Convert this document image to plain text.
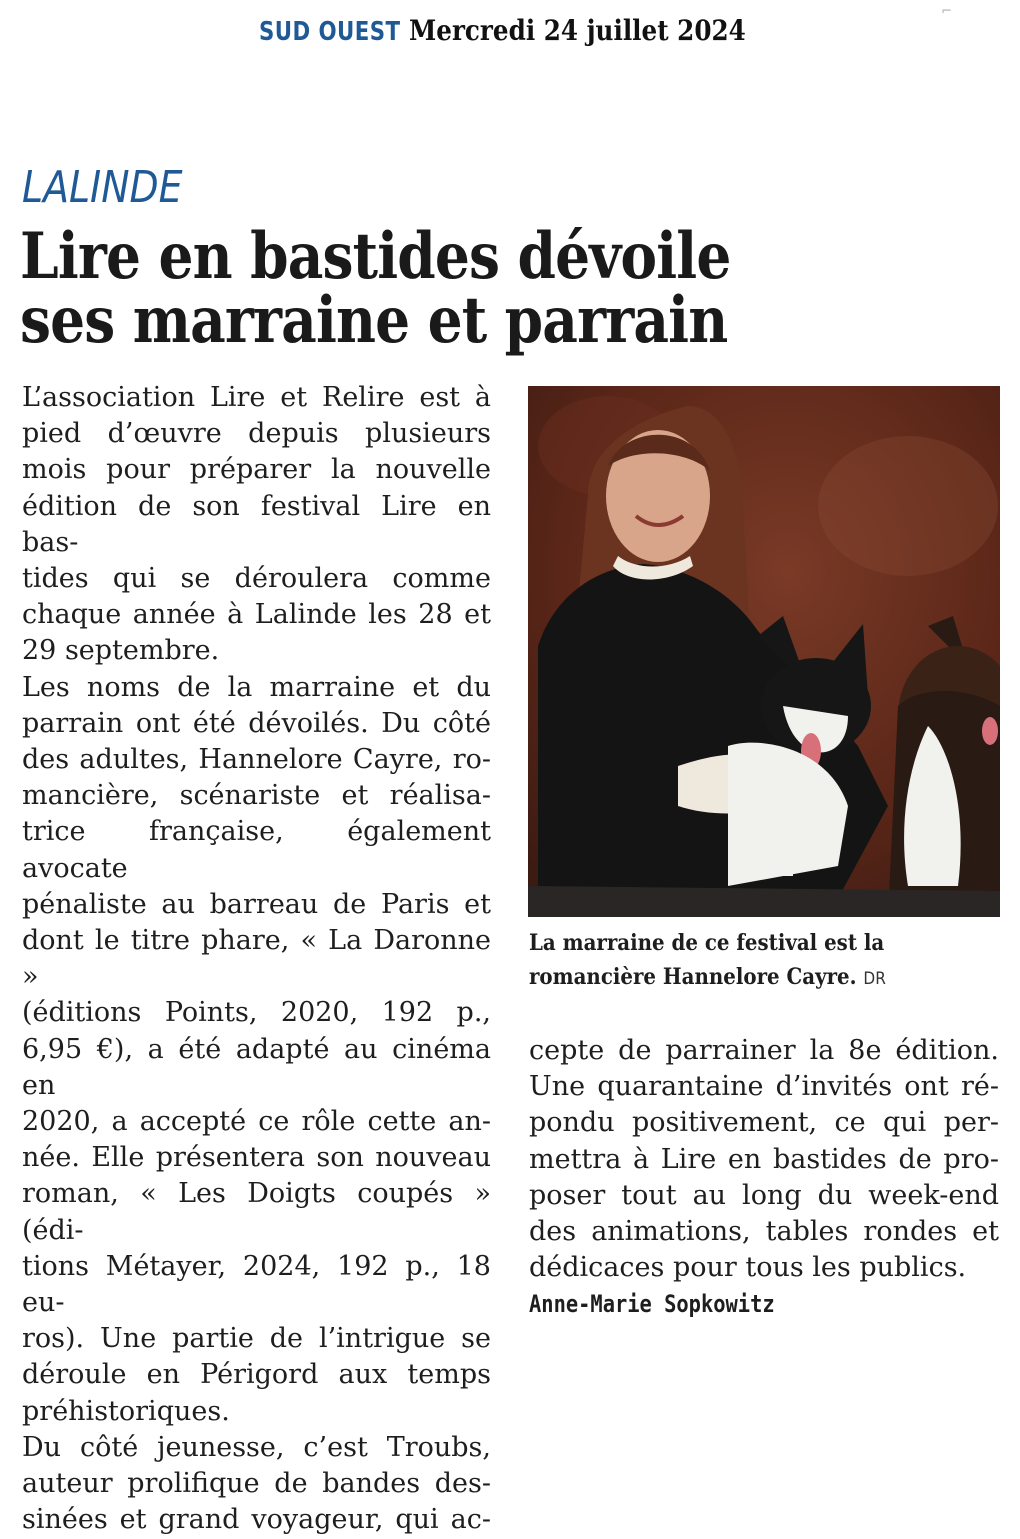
SUD OUEST Mercredi 24 juillet 2024
⌐
LALINDE
Lire en bastides dévoile
ses marraine et parrain

L’association Lire et Relire est à

pied d’œuvre depuis plusieurs

mois pour préparer la nouvelle

édition de son festival Lire en bas-

tides qui se déroulera comme

chaque année à Lalinde les 28 et

29 septembre.

Les noms de la marraine et du

parrain ont été dévoilés. Du côté

des adultes, Hannelore Cayre, ro-

mancière, scénariste et réalisa-

trice française, également avocate

pénaliste au barreau de Paris et

dont le titre phare, « La Daronne »

(éditions Points, 2020, 192 p.,

6,95 €), a été adapté au cinéma en

2020, a accepté ce rôle cette an-

née. Elle présentera son nouveau

roman, « Les Doigts coupés » (édi-

tions Métayer, 2024, 192 p., 18 eu-

ros). Une partie de l’intrigue se

déroule en Périgord aux temps

préhistoriques.

Du côté jeunesse, c’est Troubs,

auteur prolifique de bandes des-

sinées et grand voyageur, qui ac-

La marraine de ce festival est la
romancière Hannelore Cayre. DR

cepte de parrainer la 8e édition.

Une quarantaine d’invités ont ré-

pondu positivement, ce qui per-

mettra à Lire en bastides de pro-

poser tout au long du week-end

des animations, tables rondes et

dédicaces pour tous les publics.

Anne-Marie Sopkowitz
